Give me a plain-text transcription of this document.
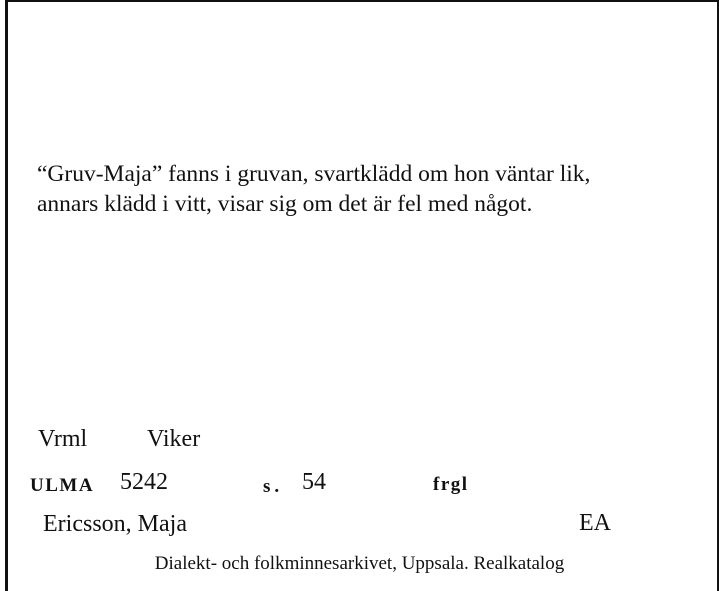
“Gruv-Maja” fanns i gruvan, svartklädd om hon väntar lik,
annars klädd i vitt, visar sig om det är fel med något.
Vrml Viker
ULMA 5242	s. 54	frgl
Ericsson, Maja	EA
Dialekt- och folkminnesarkivet, Uppsala. Realkatalog
